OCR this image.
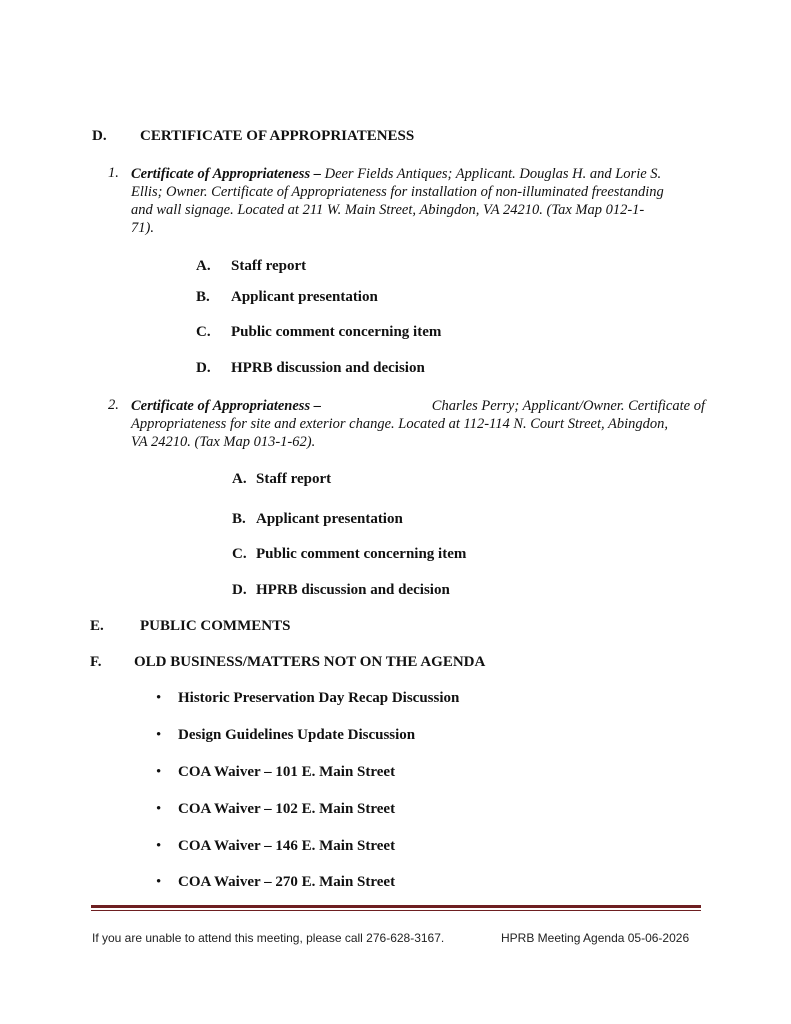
D. CERTIFICATE OF APPROPRIATENESS
1. Certificate of Appropriateness – Deer Fields Antiques; Applicant. Douglas H. and Lorie S.
Ellis; Owner. Certificate of Appropriateness for installation of non-illuminated freestanding
and wall signage. Located at 211 W. Main Street, Abingdon, VA 24210. (Tax Map 012-1-
71).
A. Staff report
B. Applicant presentation
C. Public comment concerning item
D. HPRB discussion and decision
2. Certificate of Appropriateness –	Charles Perry; Applicant/Owner. Certificate of
Appropriateness for site and exterior change. Located at 112-114 N. Court Street, Abingdon,
VA 24210. (Tax Map 013-1-62).
A. Staff report
B. Applicant presentation
C. Public comment concerning item
D. HPRB discussion and decision
E. PUBLIC COMMENTS
F. OLD BUSINESS/MATTERS NOT ON THE AGENDA
• Historic Preservation Day Recap Discussion
• Design Guidelines Update Discussion
• COA Waiver – 101 E. Main Street
• COA Waiver – 102 E. Main Street
• COA Waiver – 146 E. Main Street
• COA Waiver – 270 E. Main Street
If you are unable to attend this meeting, please call 276-628-3167.	HPRB Meeting Agenda 05-06-2026
